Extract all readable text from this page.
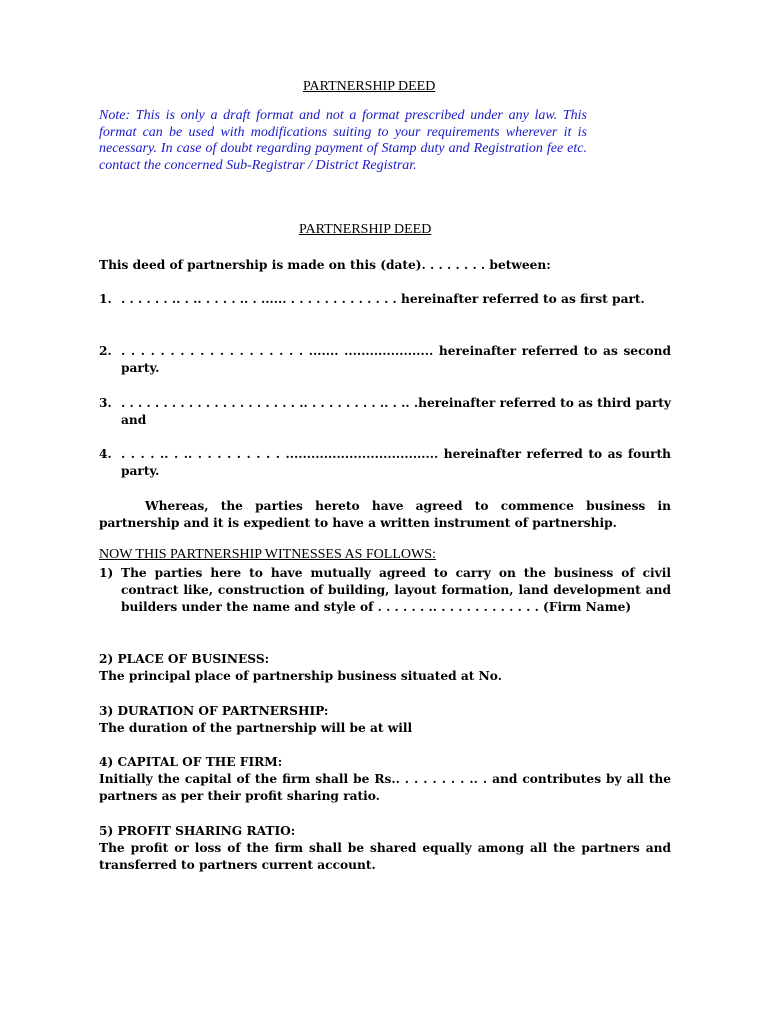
PARTNERSHIP DEED
Note: This is only a draft format and not a format prescribed under any law. This format can be used with modifications suiting to your requirements wherever it is necessary. In case of doubt regarding payment of Stamp duty and Registration fee etc. contact the concerned Sub-Registrar / District Registrar.
PARTNERSHIP DEED
This deed of partnership is made on this (date). . . . . . . . between:
1. . . . . . . .. . .. . . . . .. . ...... . . . . . . . . . . . . . hereinafter referred to as first part.
2. . . . . . . . . . . . . . . . . . . . ....... ..................... hereinafter referred to as second party.
3. . . . . . . . . . . . . . . . . . . . . . .. . . . . . . . . .. . .. .hereinafter referred to as third party and
4. . . . . .. . .. . . . . . . . . . .................................... hereinafter referred to as fourth party.
Whereas, the parties hereto have agreed to commence business in partnership and it is expedient to have a written instrument of partnership.
NOW THIS PARTNERSHIP WITNESSES AS FOLLOWS:
1) The parties here to have mutually agreed to carry on the business of civil contract like, construction of building, layout formation, land development and builders under the name and style of . . . . . . .. . . . . . . . . . . . . (Firm Name)
2) PLACE OF BUSINESS:
The principal place of partnership business situated at No.
3) DURATION OF PARTNERSHIP:
The duration of the partnership will be at will
4) CAPITAL OF THE FIRM:
Initially the capital of the firm shall be Rs.. . . . . . . . .. . and contributes by all the partners as per their profit sharing ratio.
5) PROFIT SHARING RATIO:
The profit or loss of the firm shall be shared equally among all the partners and transferred to partners current account.
